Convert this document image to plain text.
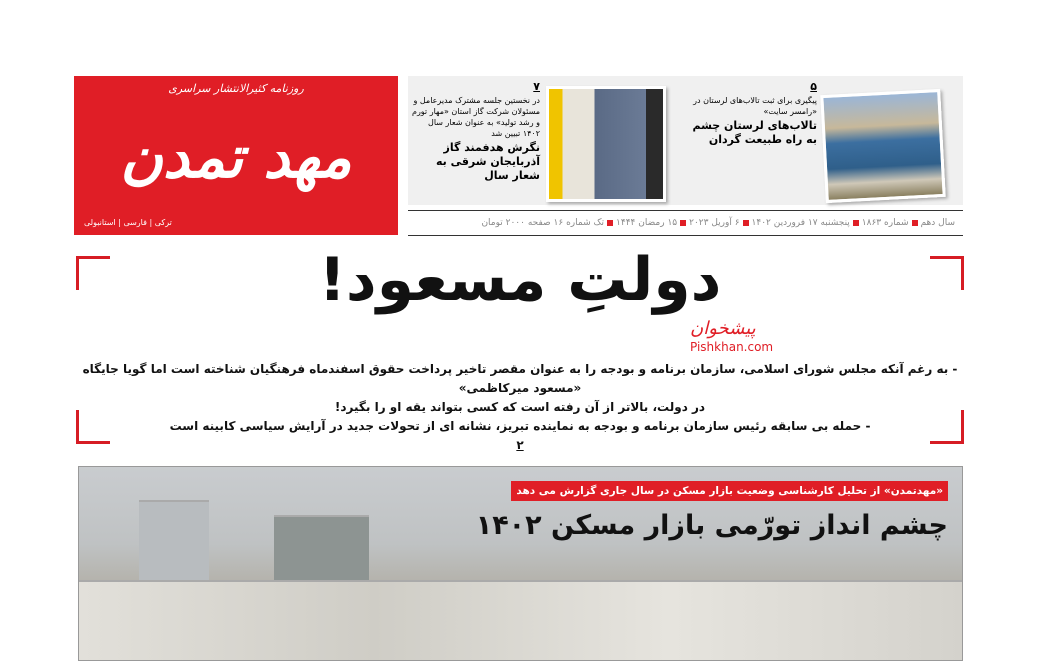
روزنامه کثیرالانتشار سراسری
مهد تمدن
ترکی | فارسی | استانبولی
۵
پیگیری برای ثبت تالاب‌های لرستان در «رامسر سایت»
تالاب‌های لرستان چشم به راه طبیعت گردان
۷
در نخستین جلسه مشترک مدیرعامل و مسئولان شرکت گاز استان «مهار تورم و رشد تولید» به عنوان شعار سال ۱۴۰۲ تبیین شد
نگرش هدفمند گاز آذربایجان شرقی به شعار سال
سال دهم
شماره ۱۸۶۳
پنجشنبه ۱۷ فروردین ۱۴۰۲
۶ آوریل ۲۰۲۳
۱۵ رمضان ۱۴۴۴
تک شماره ۱۶ صفحه ۲۰۰۰ تومان
دولتِ مسعود!
پیشخوان
Pishkhan.com
- به رغم آنکه مجلس شورای اسلامی، سازمان برنامه و بودجه را به عنوان مقصر تاخیر پرداخت حقوق اسفندماه فرهنگیان شناخته است اما گویا جایگاه «مسعود میرکاظمی»
در دولت، بالاتر از آن رفته است که کسی بتواند یقه او را بگیرد!
- حمله بی سابقه رئیس سازمان برنامه و بودجه به نماینده تبریز، نشانه ای از تحولات جدید در آرایش سیاسی کابینه است
۲
«مهدتمدن» از تحلیل کارشناسی وضعیت بازار مسکن در سال جاری گزارش می دهد
چشم انداز تورّمی بازار مسکن ۱۴۰۲
